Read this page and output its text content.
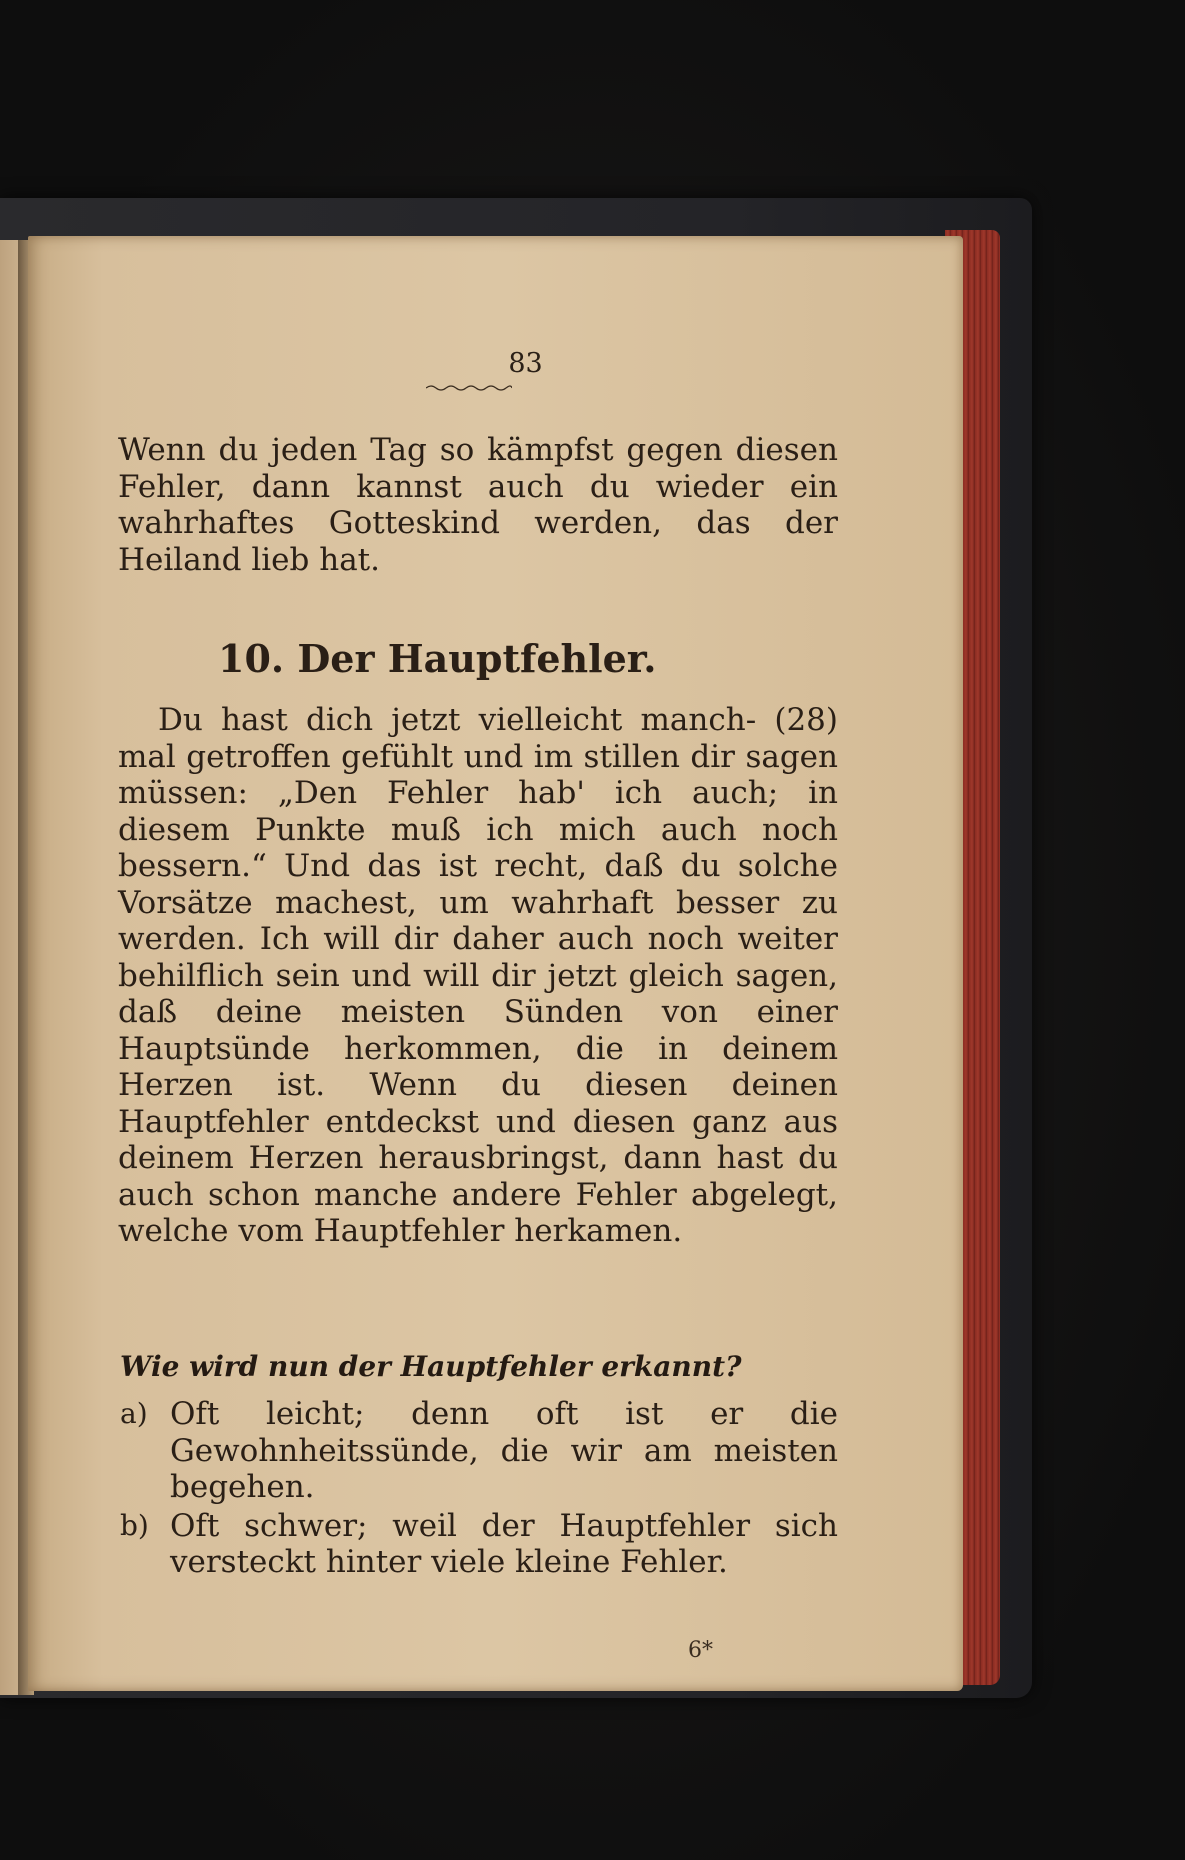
83

Wenn du jeden Tag so kämpfst gegen diesen Fehler, dann kannst auch du wieder ein wahrhaftes Gotteskind werden, das der Heiland lieb hat.

10. Der Hauptfehler.

Du hast dich jetzt vielleicht manch- (28) mal getroffen gefühlt und im stillen dir sagen müssen: „Den Fehler hab' ich auch; in diesem Punkte muß ich mich auch noch bessern.“ Und das ist recht, daß du solche Vorsätze machest, um wahrhaft besser zu werden. Ich will dir daher auch noch weiter behilflich sein und will dir jetzt gleich sagen, daß deine meisten Sünden von einer Hauptsünde herkommen, die in deinem Herzen ist. Wenn du diesen deinen Hauptfehler entdeckst und diesen ganz aus deinem Herzen herausbringst, dann hast du auch schon manche andere Fehler abgelegt, welche vom Hauptfehler herkamen.

Wie wird nun der Hauptfehler erkannt?
a) Oft leicht; denn oft ist er die Gewohnheitssünde, die wir am meisten begehen.
b) Oft schwer; weil der Hauptfehler sich versteckt hinter viele kleine Fehler.
6*
